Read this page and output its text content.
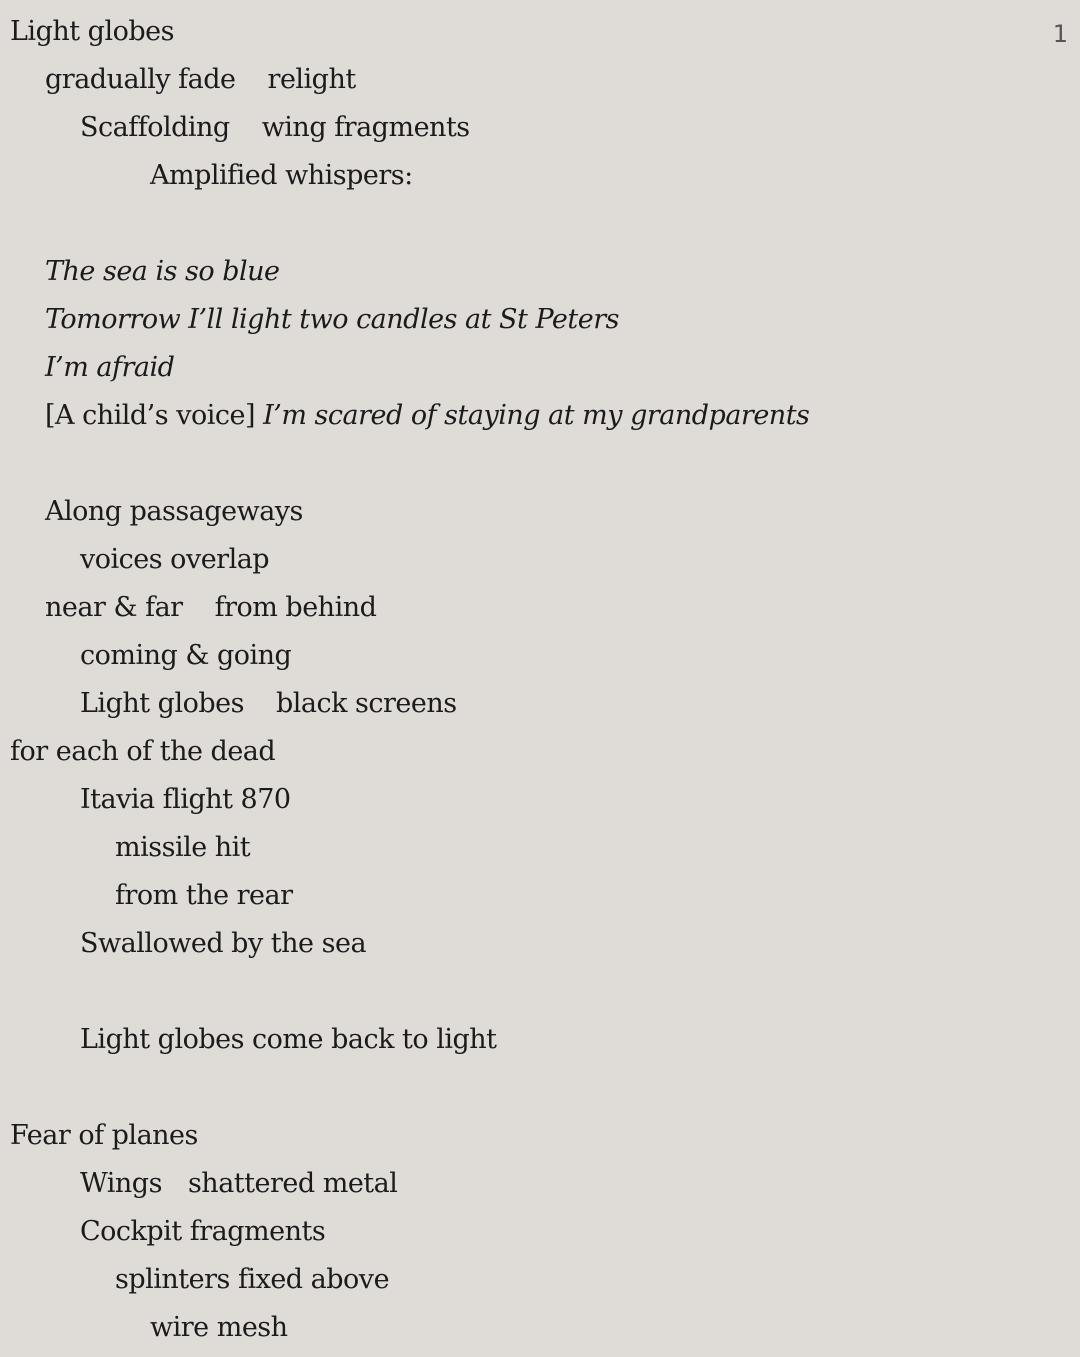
1
Light globes
gradually fade relight
Scaffolding wing fragments
Amplified whispers:
The sea is so blue
Tomorrow I’ll light two candles at St Peters
I’m afraid
[A child’s voice] I’m scared of staying at my grandparents
Along passageways
voices overlap
near & far from behind
coming & going
Light globes black screens
for each of the dead
Itavia flight 870
missile hit
from the rear
Swallowed by the sea
Light globes come back to light
Fear of planes
Wings shattered metal
Cockpit fragments
splinters fixed above
wire mesh
